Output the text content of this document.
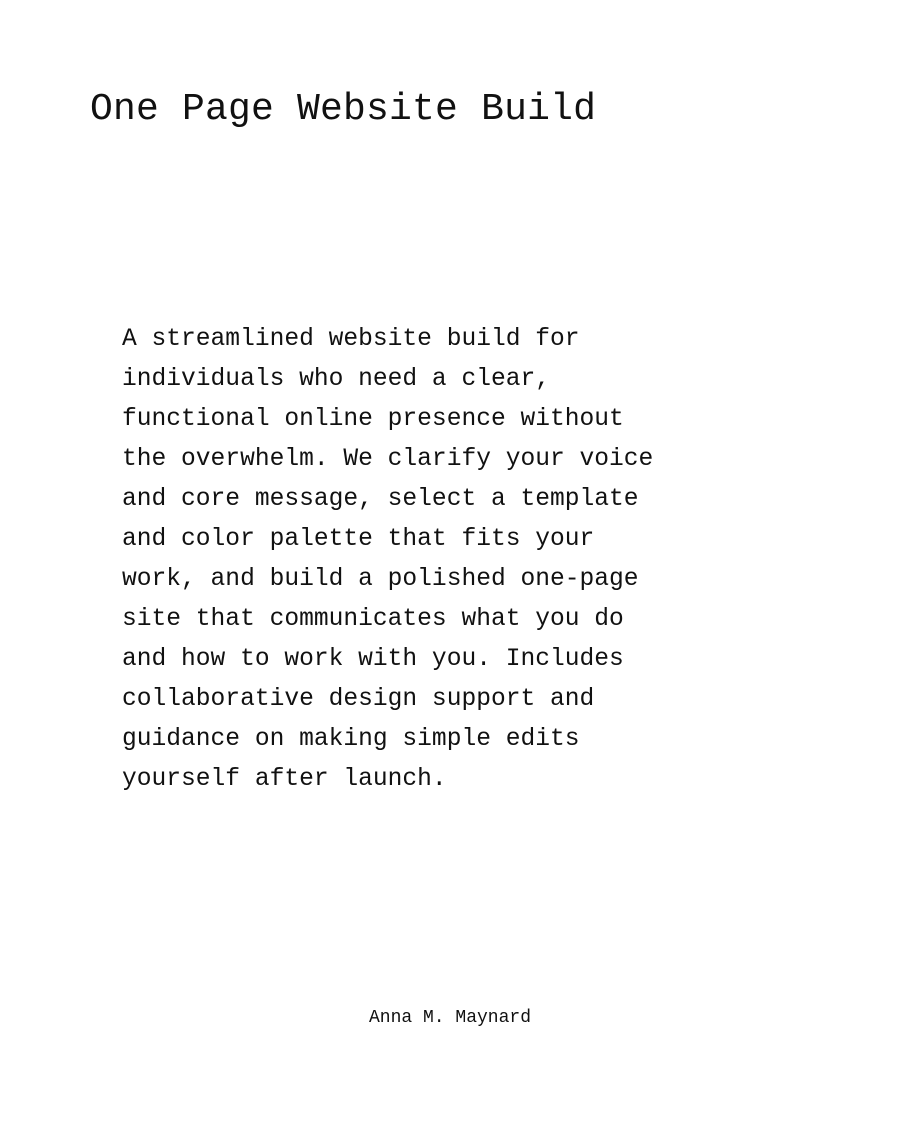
One Page Website Build
A streamlined website build for
individuals who need a clear,
functional online presence without
the overwhelm. We clarify your voice
and core message, select a template
and color palette that fits your
work, and build a polished one-page
site that communicates what you do
and how to work with you. Includes
collaborative design support and
guidance on making simple edits
yourself after launch.

Anna M. Maynard
